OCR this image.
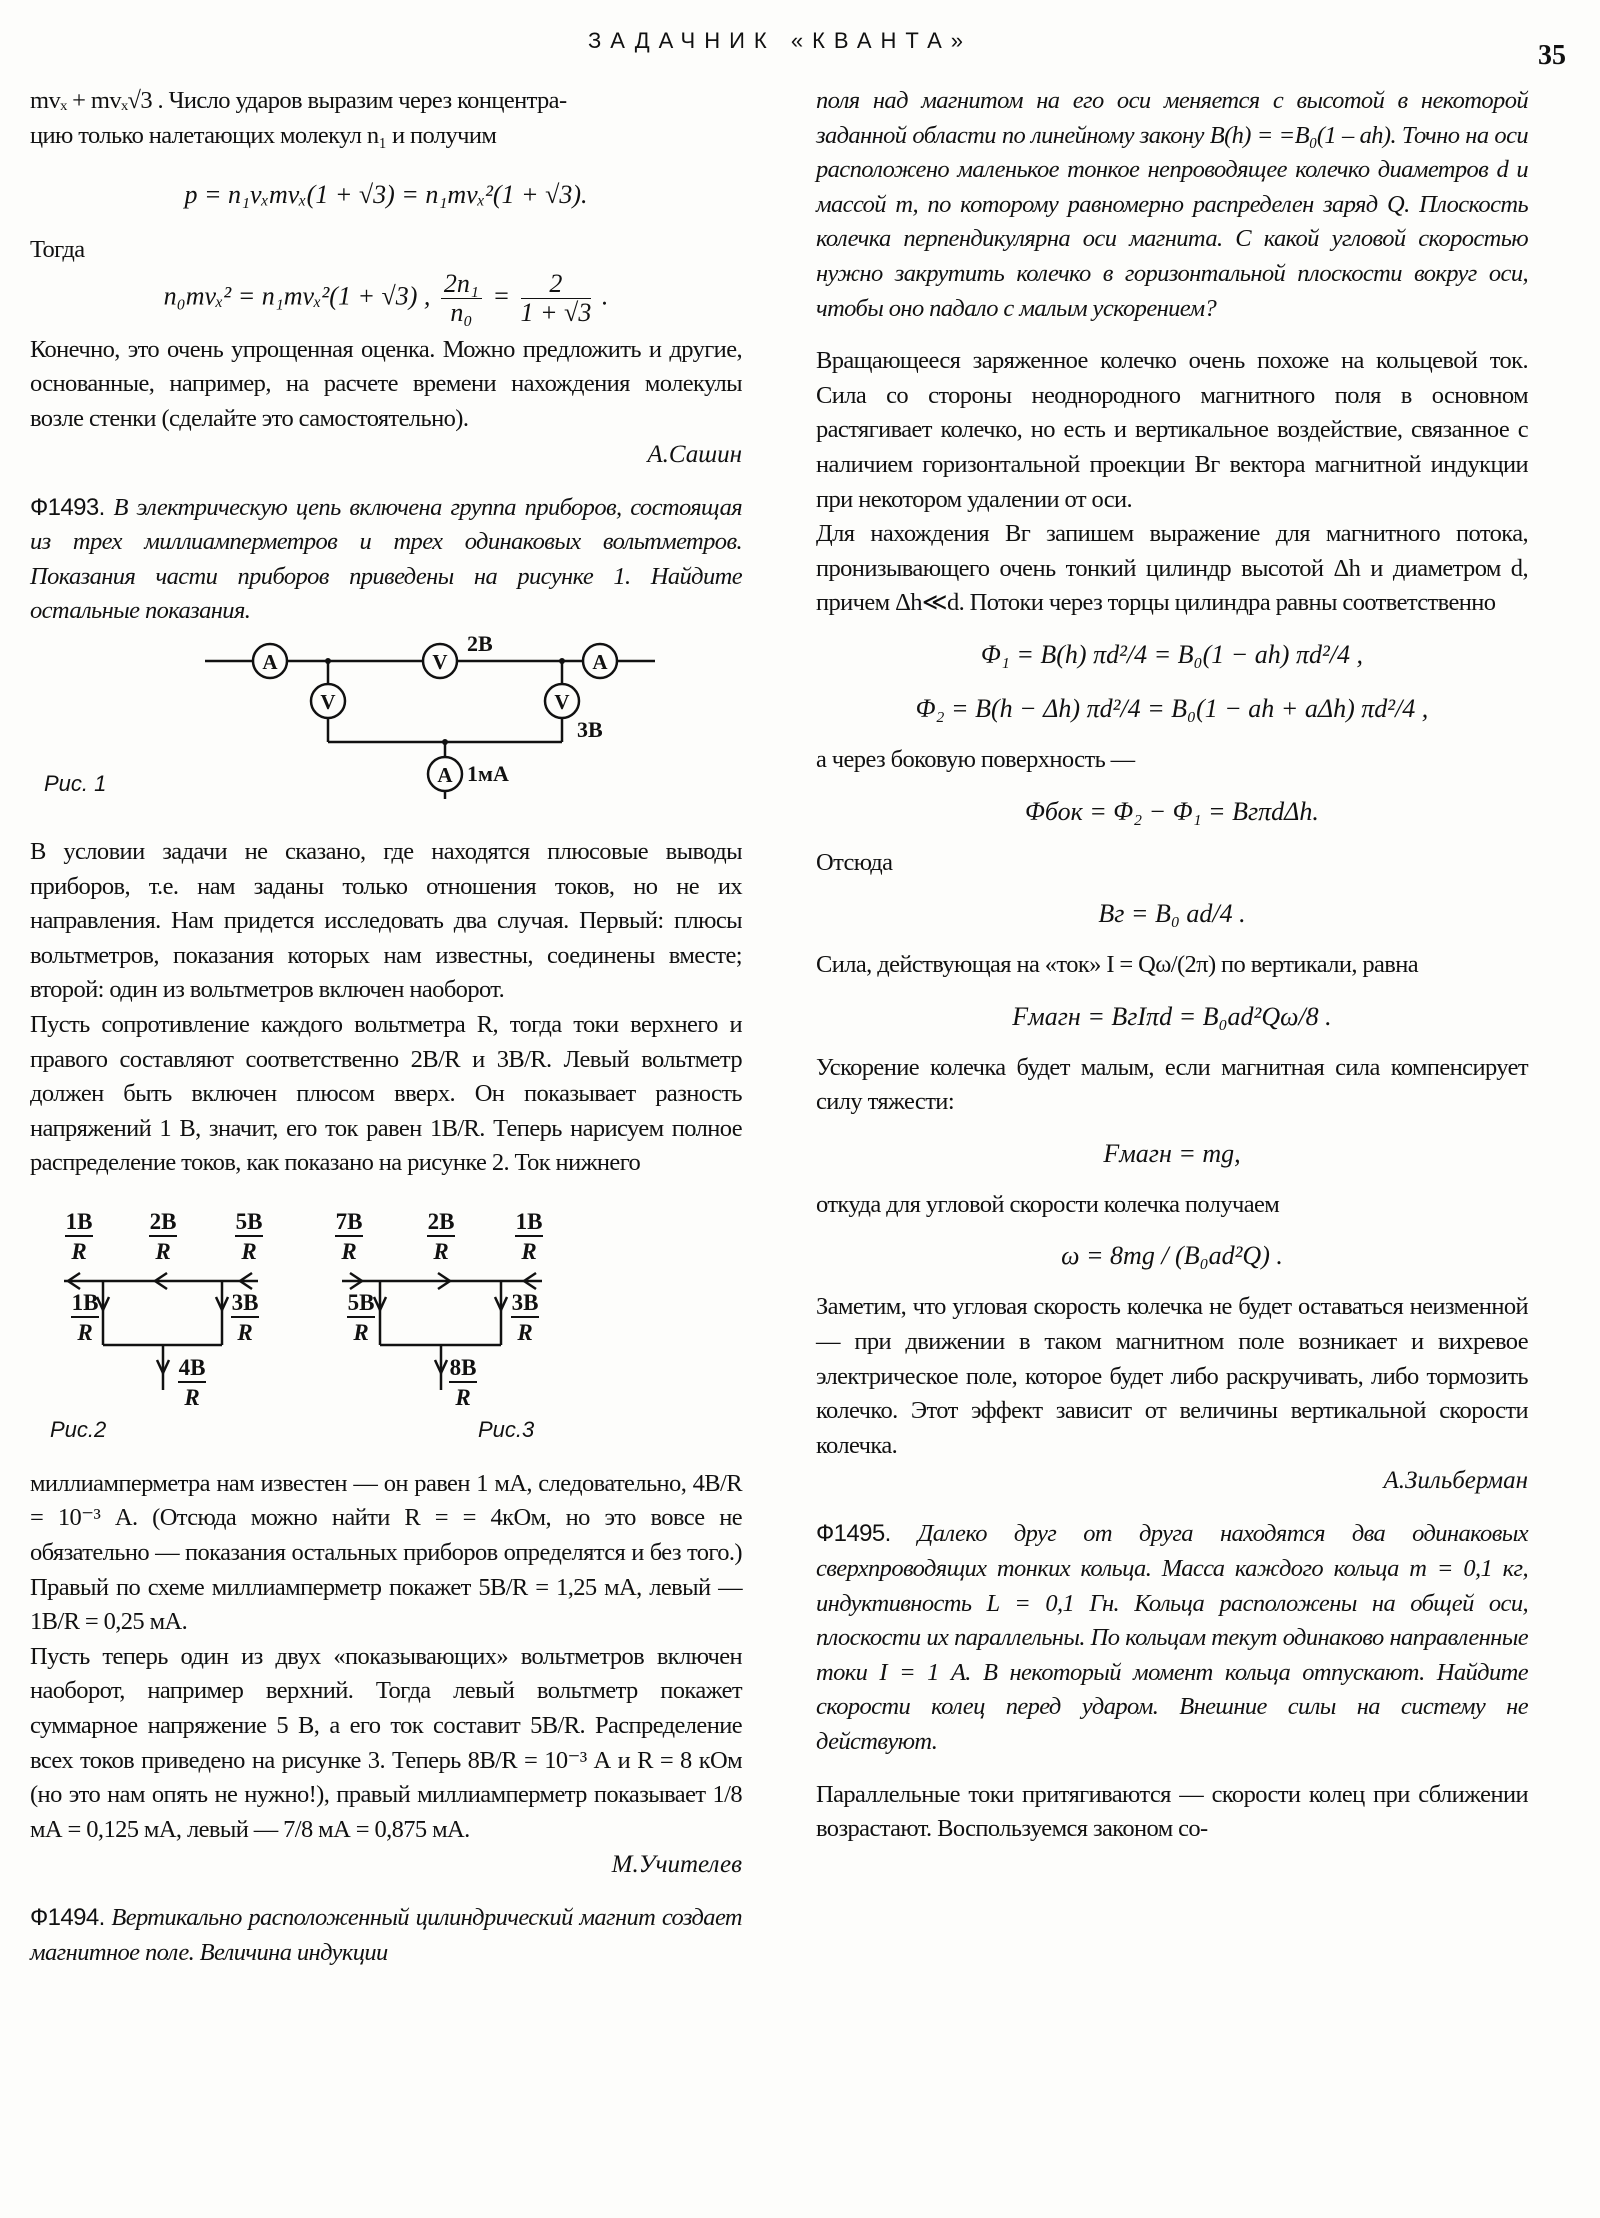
ЗАДАЧНИК «КВАНТА»	35

mvₓ + mvₓ√3 . Число ударов выразим через концентра-

цию только налетающих молекул n₁ и получим

p = n₁vₓmvₓ(1 + √3) = n₁mvₓ²(1 + √3).

Тогда

n₀mvₓ² = n₁mvₓ²(1 + √3) , $\frac{\text{2n₁}}{\text{n₀}} = \frac{2}{1 + √3}$ .

Конечно, это очень упрощенная оценка. Можно предложить и другие, основанные, например, на расчете времени нахождения молекулы возле стенки (сделайте это самостоятельно).

А.Сашин

Ф1493. В электрическую цепь включена группа приборов, состоящая из трех миллиамперметров и трех одинаковых вольтметров. Показания части приборов приведены на рисунке 1. Найдите остальные показания.

A	V	A
V	V
A
2В
3В
1мА
Рис. 1

В условии задачи не сказано, где находятся плюсовые выводы приборов, т.е. нам заданы только отношения токов, но не их направления. Нам придется исследовать два случая. Первый: плюсы вольтметров, показания которых нам известны, соединены вместе; второй: один из вольтметров включен наоборот.

Пусть сопротивление каждого вольтметра R, тогда токи верхнего и правого составляют соответственно 2В/R и 3В/R. Левый вольтметр должен быть включен плюсом вверх. Он показывает разность напряжений 1 В, значит, его ток равен 1В/R. Теперь нарисуем полное распределение токов, как показано на рисунке 2. Ток нижнего

1В 2В	5В
1В	3В
4В
7В	2В	1В
5В	3В
8В
R	R	R
R	R
R
R	R	R
R	R
R
Рис.2	Рис.3

миллиамперметра нам известен — он равен 1 мА, следовательно, 4В/R = 10⁻³ А. (Отсюда можно найти R = = 4кОм, но это вовсе не обязательно — показания остальных приборов определятся и без того.) Правый по схеме миллиамперметр покажет 5В/R = 1,25 мА, левый — 1В/R = 0,25 мА.

Пусть теперь один из двух «показывающих» вольтметров включен наоборот, например верхний. Тогда левый вольтметр покажет суммарное напряжение 5 В, а его ток составит 5В/R. Распределение всех токов приведено на рисунке 3. Теперь 8В/R = 10⁻³ А и R = 8 кОм (но это нам опять не нужно!), правый миллиамперметр показывает 1/8 мА = 0,125 мА, левый — 7/8 мА = 0,875 мА.

М.Учителев

Ф1494. Вертикально расположенный цилиндрический магнит создает магнитное поле. Величина индукции

поля над магнитом на его оси меняется с высотой в некоторой заданной области по линейному закону B(h) = =B₀(1 – ah). Точно на оси расположено маленькое тонкое непроводящее колечко диаметров d и массой m, по которому равномерно распределен заряд Q. Плоскость колечка перпендикулярна оси магнита. С какой угловой скоростью нужно закрутить колечко в горизонтальной плоскости вокруг оси, чтобы оно падало с малым ускорением?

Вращающееся заряженное колечко очень похоже на кольцевой ток. Сила со стороны неоднородного магнитного поля в основном растягивает колечко, но есть и вертикальное воздействие, связанное с наличием горизонтальной проекции Bг вектора магнитной индукции при некотором удалении от оси.

Для нахождения Bг запишем выражение для магнитного потока, пронизывающего очень тонкий цилиндр высотой Δh и диаметром d, причем Δh≪d. Потоки через торцы цилиндра равны соответственно

Φ₁ = B(h) πd²/4 = B₀(1 − ah) πd²/4 ,
Φ₂ = B(h − Δh) πd²/4 = B₀(1 − ah + aΔh) πd²/4 ,

а через боковую поверхность —

Φбок = Φ₂ − Φ₁ = BгπdΔh.

Отсюда

Bг = B₀ ad/4 .

Сила, действующая на «ток» I = Qω/(2π) по вертикали, равна

Fмагн = BгIπd = B₀ad²Qω/8 .

Ускорение колечка будет малым, если магнитная сила компенсирует силу тяжести:

Fмагн = mg,

откуда для угловой скорости колечка получаем

ω = 8mg / (B₀ad²Q) .

Заметим, что угловая скорость колечка не будет оставаться неизменной — при движении в таком магнитном поле возникает и вихревое электрическое поле, которое будет либо раскручивать, либо тормозить колечко. Этот эффект зависит от величины вертикальной скорости колечка.

А.Зильберман

Ф1495. Далеко друг от друга находятся два одинаковых сверхпроводящих тонких кольца. Масса каждого кольца m = 0,1 кг, индуктивность L = 0,1 Гн. Кольца расположены на общей оси, плоскости их параллельны. По кольцам текут одинаково направленные токи I = 1 А. В некоторый момент кольца отпускают. Найдите скорости колец перед ударом. Внешние силы на систему не действуют.

Параллельные токи притягиваются — скорости колец при сближении возрастают. Воспользуемся законом со-
